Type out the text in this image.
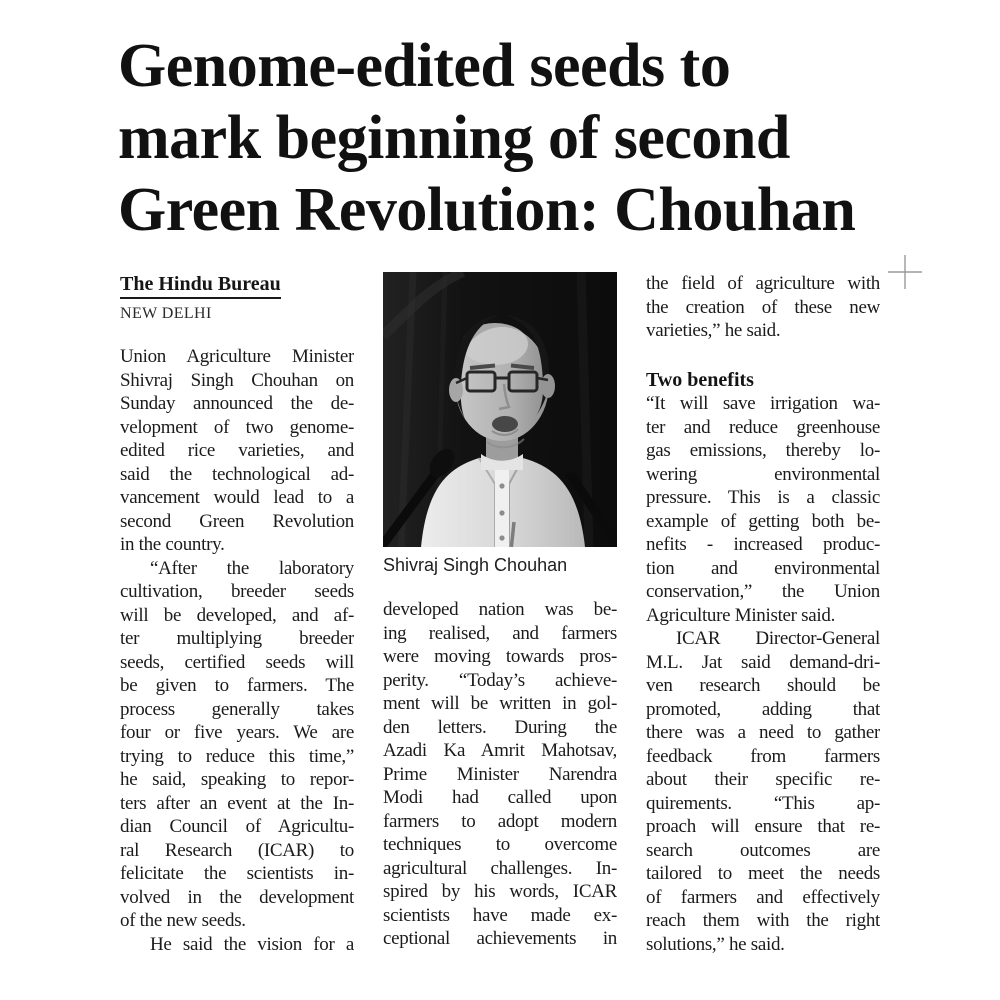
Genome-edited seeds to
mark beginning of second
Green Revolution: Chouhan
The Hindu Bureau
NEW DELHI
Union Agriculture Minister
Shivraj Singh Chouhan on
Sunday announced the de-
velopment of two genome-
edited rice varieties, and
said the technological ad-
vancement would lead to a
second Green Revolution
in the country.
“After the laboratory
cultivation, breeder seeds
will be developed, and af-
ter multiplying breeder
seeds, certified seeds will
be given to farmers. The
process generally takes
four or five years. We are
trying to reduce this time,”
he said, speaking to repor-
ters after an event at the In-
dian Council of Agricultu-
ral Research (ICAR) to
felicitate the scientists in-
volved in the development
of the new seeds.
He said the vision for a
Shivraj Singh Chouhan
developed nation was be-
ing realised, and farmers
were moving towards pros-
perity. “Today’s achieve-
ment will be written in gol-
den letters. During the
Azadi Ka Amrit Mahotsav,
Prime Minister Narendra
Modi had called upon
farmers to adopt modern
techniques to overcome
agricultural challenges. In-
spired by his words, ICAR
scientists have made ex-
ceptional achievements in
the field of agriculture with
the creation of these new
varieties,” he said.
Two benefits
“It will save irrigation wa-
ter and reduce greenhouse
gas emissions, thereby lo-
wering environmental
pressure. This is a classic
example of getting both be-
nefits - increased produc-
tion and environmental
conservation,” the Union
Agriculture Minister said.
ICAR Director-General
M.L. Jat said demand-dri-
ven research should be
promoted, adding that
there was a need to gather
feedback from farmers
about their specific re-
quirements. “This ap-
proach will ensure that re-
search outcomes are
tailored to meet the needs
of farmers and effectively
reach them with the right
solutions,” he said.
